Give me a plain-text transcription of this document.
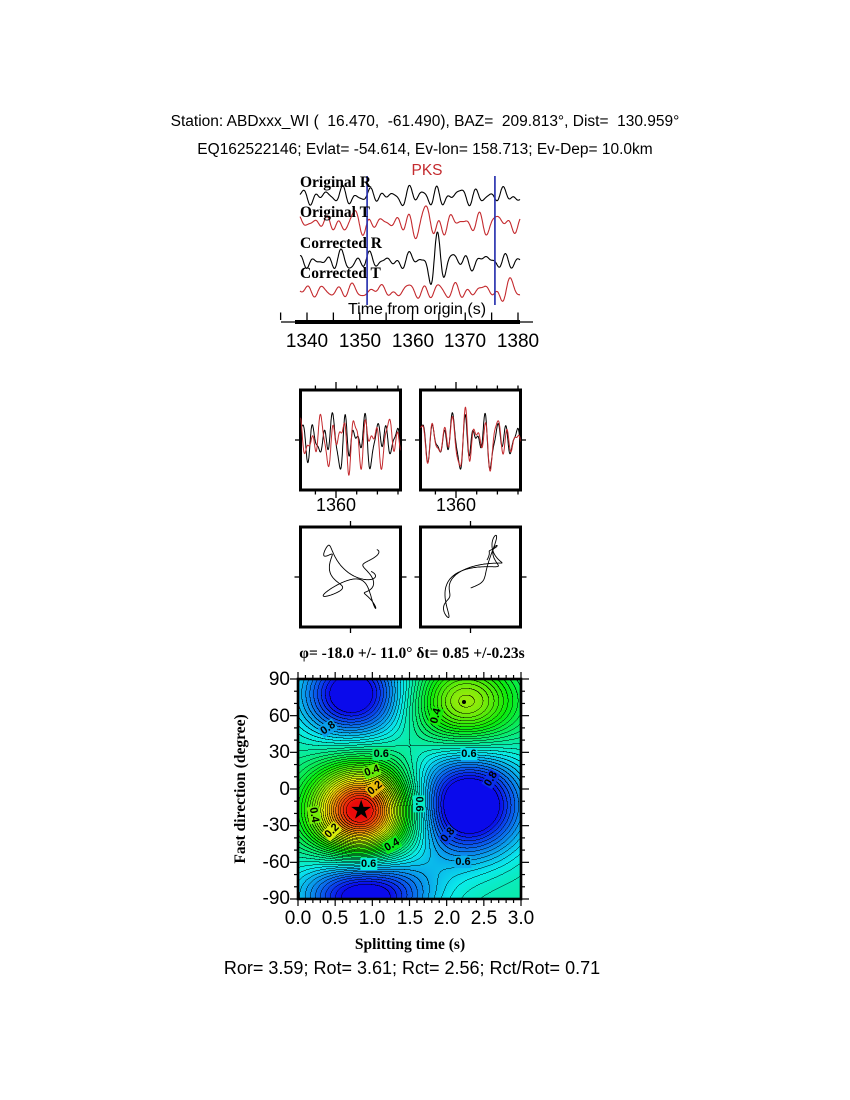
Station: ABDxxx_WI (  16.470,  -61.490), BAZ=  209.813°, Dist=  130.959°
EQ162522146; Evlat= -54.614, Ev-lon= 158.713; Ev-Dep= 10.0km
Original R
Original T
Corrected R
Corrected T
PKS
Time from origin (s)
1340 1350 1360 1370 1380
1360	1360
φ= -18.0 +/- 11.0° δt= 0.85 +/-0.23s
0.8
0.6	0.6
0.4
0.2
0.4
0.8
0.6
0.4
0.2
0.4
0.6	0.6
0.8
★
Fast direction (degree)
90
60
30
0
-30
-60
-90
0.0 0.5 1.0 1.5 2.0 2.5 3.0
Splitting time (s)
Ror= 3.59; Rot= 3.61; Rct= 2.56; Rct/Rot= 0.71
